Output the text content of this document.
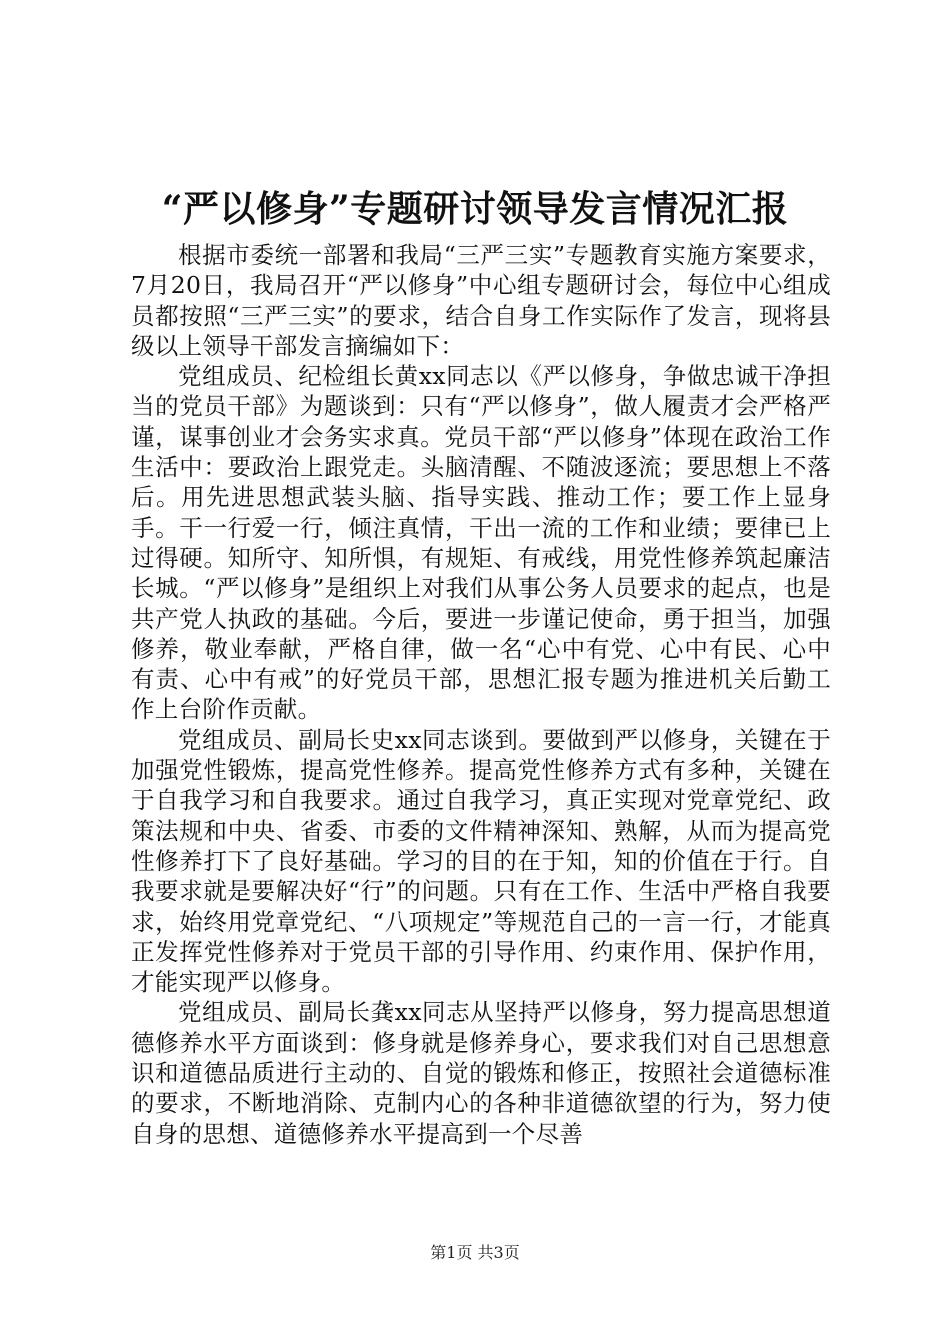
“严以修身”专题研讨领导发言情况汇报

根据市委统一部署和我局“三严三实”专题教育实施方案要求，7月20日，我局召开“严以修身”中心组专题研讨会，每位中心组成员都按照“三严三实”的要求，结合自身工作实际作了发言，现将县级以上领导干部发言摘编如下：

党组成员、纪检组长黄xx同志以《严以修身，争做忠诚干净担当的党员干部》为题谈到：只有“严以修身”，做人履责才会严格严谨，谋事创业才会务实求真。党员干部“严以修身”体现在政治工作生活中：要政治上跟党走。头脑清醒、不随波逐流；要思想上不落后。用先进思想武装头脑、指导实践、推动工作；要工作上显身手。干一行爱一行，倾注真情，干出一流的工作和业绩；要律已上过得硬。知所守、知所惧，有规矩、有戒线，用党性修养筑起廉洁长城。“严以修身”是组织上对我们从事公务人员要求的起点，也是共产党人执政的基础。今后，要进一步谨记使命，勇于担当，加强修养，敬业奉献，严格自律，做一名“心中有党、心中有民、心中有责、心中有戒”的好党员干部，思想汇报专题为推进机关后勤工作上台阶作贡献。

党组成员、副局长史xx同志谈到。要做到严以修身，关键在于加强党性锻炼，提高党性修养。提高党性修养方式有多种，关键在于自我学习和自我要求。通过自我学习，真正实现对党章党纪、政策法规和中央、省委、市委的文件精神深知、熟解，从而为提高党性修养打下了良好基础。学习的目的在于知，知的价值在于行。自我要求就是要解决好“行”的问题。只有在工作、生活中严格自我要求，始终用党章党纪、“八项规定”等规范自己的一言一行，才能真正发挥党性修养对于党员干部的引导作用、约束作用、保护作用，才能实现严以修身。

党组成员、副局长龚xx同志从坚持严以修身，努力提高思想道德修养水平方面谈到：修身就是修养身心，要求我们对自己思想意识和道德品质进行主动的、自觉的锻炼和修正，按照社会道德标准的要求，不断地消除、克制内心的各种非道德欲望的行为，努力使自身的思想、道德修养水平提高到一个尽善

第1页 共3页
